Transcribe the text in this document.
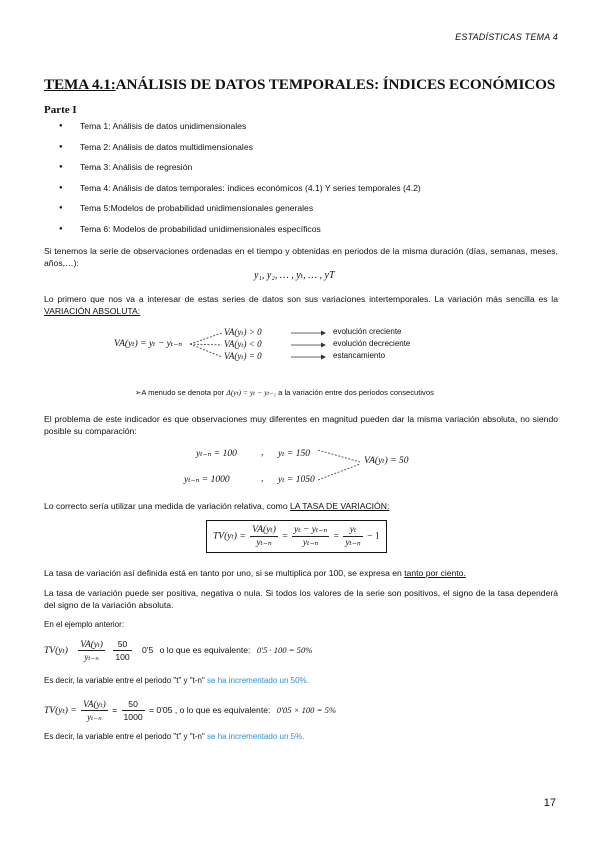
ESTADÍSTICAS TEMA 4
TEMA 4.1:ANÁLISIS DE DATOS TEMPORALES: ÍNDICES ECONÓMICOS
Parte I
● Tema 1: Análisis de datos unidimensionales
● Tema 2: Análisis de datos multidimensionales
● Tema 3: Análisis de regresión
● Tema 4: Análisis de datos temporales: índices económicos (4.1) Y series temporales (4.2)
● Tema 5:Modelos de probabilidad unidimensionales generales
● Tema 6: Modelos de probabilidad unidimensionales específicos
Si tenemos la serie de observaciones ordenadas en el tiempo y obtenidas en periodos de la misma duración (días, semanas, meses, años,…):
y₁, y₂, … , yₜ, … , yT
Lo primero que nos va a interesar de estas series de datos son sus variaciones intertemporales. La variación más sencilla es la VARIACIÓN ABSOLUTA:
VA(yₜ) = yₜ − yₜ₋ₙ
VA(yₜ) > 0
VA(yₜ) < 0
VA(yₜ) = 0
evolución creciente
evolución decreciente
estancamiento
➢A menudo se denota por Δ(yₜ) = yₜ − yₜ₋₁ a la variación entre dos periodos consecutivos
El problema de este indicador es que observaciones muy diferentes en magnitud pueden dar la misma variación absoluta, no siendo posible su comparación:
yₜ₋ₙ = 100	, yₜ = 150
yₜ₋ₙ = 1000	, yₜ = 1050
VA(yₜ) = 50
Lo correcto sería utilizar una medida de variación relativa, como LA TASA DE VARIACIÓN:
$TV(y_t) = \frac{\text{VA(yₜ)}}{\text{yₜ₋ₙ}} = \frac{\text{yₜ − yₜ₋ₙ}}{\text{yₜ₋ₙ}} = \frac{\text{yₜ}}{\text{yₜ₋ₙ}} - 1$
La tasa de variación así definida está en tanto por uno, si se multiplica por 100, se expresa en tanto por ciento.
La tasa de variación puede ser positiva, negativa o nula. Si todos los valores de la serie son positivos, el signo de la tasa dependerá del signo de la variación absoluta.
En el ejemplo anterior:
$TV(y_t) \frac{\text{VA(yₜ)}}{\text{yₜ₋ₙ}}$
$\frac{50}{100} 0'5$ o lo que es equivalente: 0'5 · 100 = 50%
Es decir, la variable entre el periodo "t" y "t-n" se ha incrementado un 50%.
$TV(y_t) = \frac{\text{VA(yₜ)}}{\text{yₜ₋ₙ}} = \frac{50}{1000} = 0'05$ , o lo que es equivalente: 0'05 × 100 = 5%
Es decir, la variable entre el periodo "t" y "t-n" se ha incrementado un 5%.
17
